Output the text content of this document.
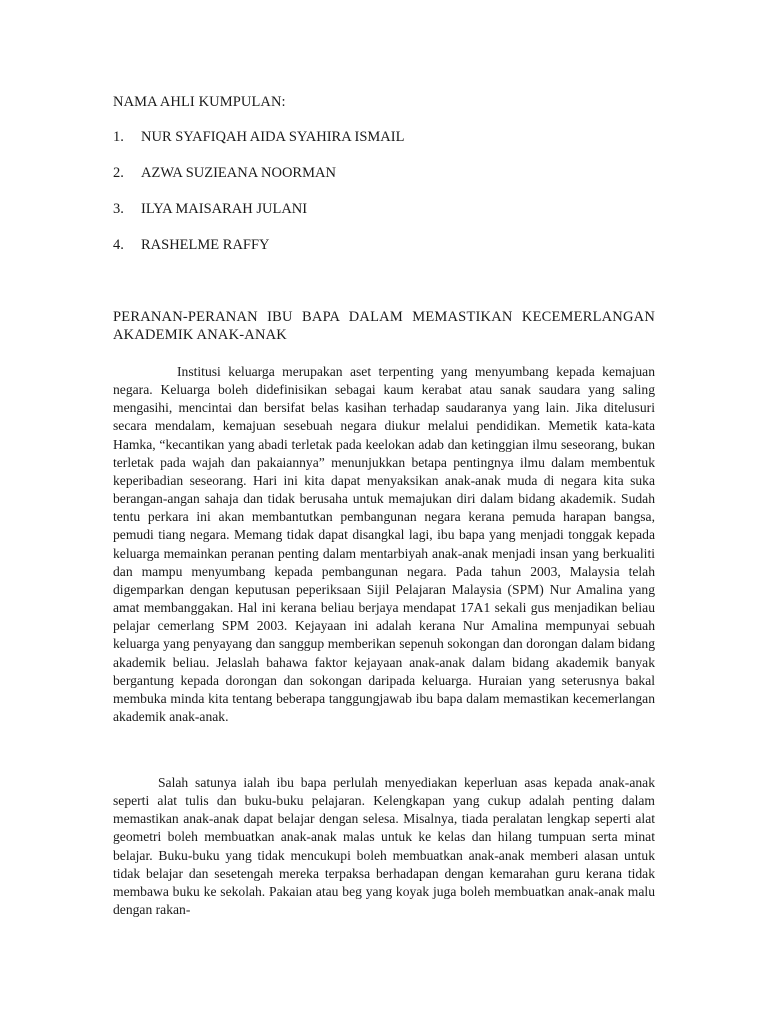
NAMA AHLI KUMPULAN:
1. NUR SYAFIQAH AIDA SYAHIRA ISMAIL
2. AZWA SUZIEANA NOORMAN
3. ILYA MAISARAH JULANI
4. RASHELME RAFFY
PERANAN-PERANAN IBU BAPA DALAM MEMASTIKAN KECEMERLANGAN AKADEMIK ANAK-ANAK

Institusi keluarga merupakan aset terpenting yang menyumbang kepada kemajuan negara. Keluarga boleh didefinisikan sebagai kaum kerabat atau sanak saudara yang saling mengasihi, mencintai dan bersifat belas kasihan terhadap saudaranya yang lain. Jika ditelusuri secara mendalam, kemajuan sesebuah negara diukur melalui pendidikan. Memetik kata-kata Hamka, “kecantikan yang abadi terletak pada keelokan adab dan ketinggian ilmu seseorang, bukan terletak pada wajah dan pakaiannya” menunjukkan betapa pentingnya ilmu dalam membentuk keperibadian seseorang. Hari ini kita dapat menyaksikan anak-anak muda di negara kita suka berangan-angan sahaja dan tidak berusaha untuk memajukan diri dalam bidang akademik. Sudah tentu perkara ini akan membantutkan pembangunan negara kerana pemuda harapan bangsa, pemudi tiang negara. Memang tidak dapat disangkal lagi, ibu bapa yang menjadi tonggak kepada keluarga memainkan peranan penting dalam mentarbiyah anak-anak menjadi insan yang berkualiti dan mampu menyumbang kepada pembangunan negara. Pada tahun 2003, Malaysia telah digemparkan dengan keputusan peperiksaan Sijil Pelajaran Malaysia (SPM) Nur Amalina yang amat membanggakan. Hal ini kerana beliau berjaya mendapat 17A1 sekali gus menjadikan beliau pelajar cemerlang SPM 2003. Kejayaan ini adalah kerana Nur Amalina mempunyai sebuah keluarga yang penyayang dan sanggup memberikan sepenuh sokongan dan dorongan dalam bidang akademik beliau. Jelaslah bahawa faktor kejayaan anak-anak dalam bidang akademik banyak bergantung kepada dorongan dan sokongan daripada keluarga. Huraian yang seterusnya bakal membuka minda kita tentang beberapa tanggungjawab ibu bapa dalam memastikan kecemerlangan akademik anak-anak.

Salah satunya ialah ibu bapa perlulah menyediakan keperluan asas kepada anak-anak seperti alat tulis dan buku-buku pelajaran. Kelengkapan yang cukup adalah penting dalam memastikan anak-anak dapat belajar dengan selesa. Misalnya, tiada peralatan lengkap seperti alat geometri boleh membuatkan anak-anak malas untuk ke kelas dan hilang tumpuan serta minat belajar. Buku-buku yang tidak mencukupi boleh membuatkan anak-anak memberi alasan untuk tidak belajar dan sesetengah mereka terpaksa berhadapan dengan kemarahan guru kerana tidak membawa buku ke sekolah. Pakaian atau beg yang koyak juga boleh membuatkan anak-anak malu dengan rakan-
